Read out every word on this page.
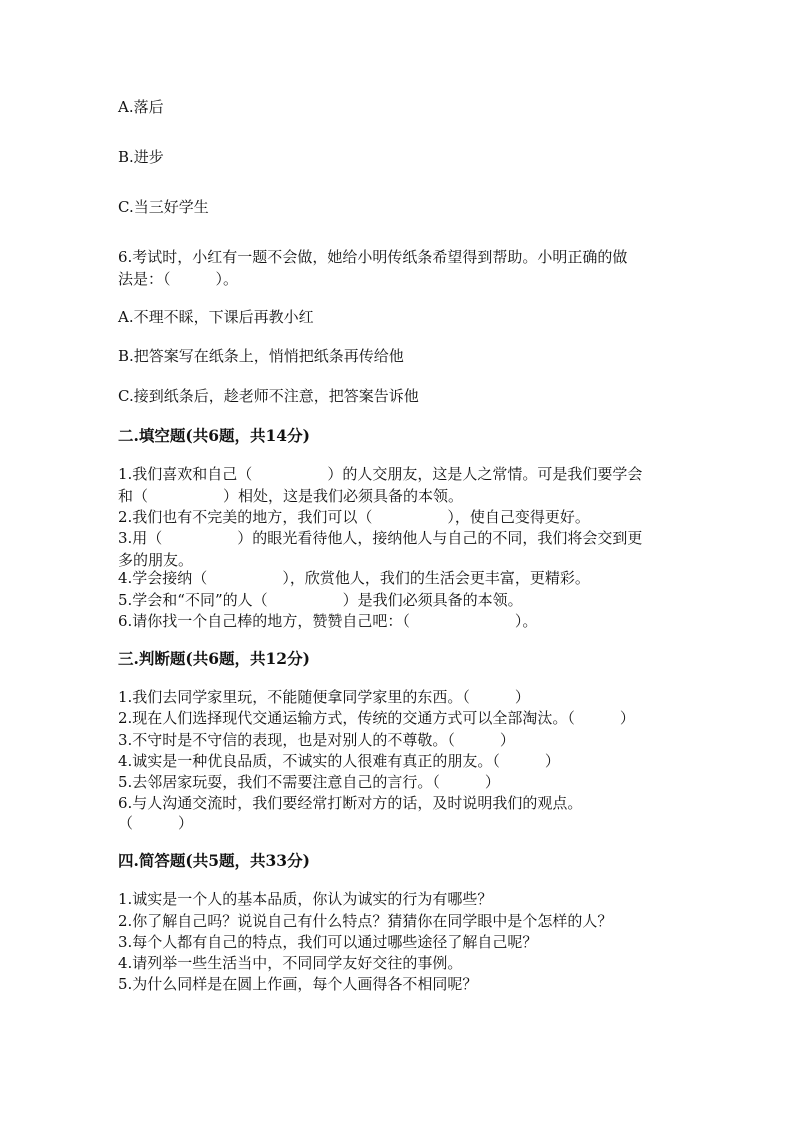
A.落后
B.进步
C.当三好学生
6.考试时，小红有一题不会做，她给小明传纸条希望得到帮助。小明正确的做
法是：（　　　）。
A.不理不睬，下课后再教小红
B.把答案写在纸条上，悄悄把纸条再传给他
C.接到纸条后，趁老师不注意，把答案告诉他
二.填空题(共6题，共14分)
1.我们喜欢和自己（　　　　　）的人交朋友，这是人之常情。可是我们要学会
和（　　　　　）相处，这是我们必须具备的本领。
2.我们也有不完美的地方，我们可以（　　　　　），使自己变得更好。
3.用（　　　　　）的眼光看待他人，接纳他人与自己的不同，我们将会交到更
多的朋友。
4.学会接纳（　　　　　），欣赏他人，我们的生活会更丰富，更精彩。
5.学会和“不同”的人（　　　　　）是我们必须具备的本领。
6.请你找一个自己棒的地方，赞赞自己吧：（　　　　　　　）。
三.判断题(共6题，共12分)
1.我们去同学家里玩，不能随便拿同学家里的东西。（　　　）
2.现在人们选择现代交通运输方式，传统的交通方式可以全部淘汰。（　　　）
3.不守时是不守信的表现，也是对别人的不尊敬。（　　　）
4.诚实是一种优良品质，不诚实的人很难有真正的朋友。（　　　）
5.去邻居家玩耍，我们不需要注意自己的言行。（　　　）
6.与人沟通交流时，我们要经常打断对方的话，及时说明我们的观点。
（　　　）
四.简答题(共5题，共33分)
1.诚实是一个人的基本品质，你认为诚实的行为有哪些？
2.你了解自己吗？说说自己有什么特点？猜猜你在同学眼中是个怎样的人？
3.每个人都有自己的特点，我们可以通过哪些途径了解自己呢？
4.请列举一些生活当中，不同同学友好交往的事例。
5.为什么同样是在圆上作画，每个人画得各不相同呢？
